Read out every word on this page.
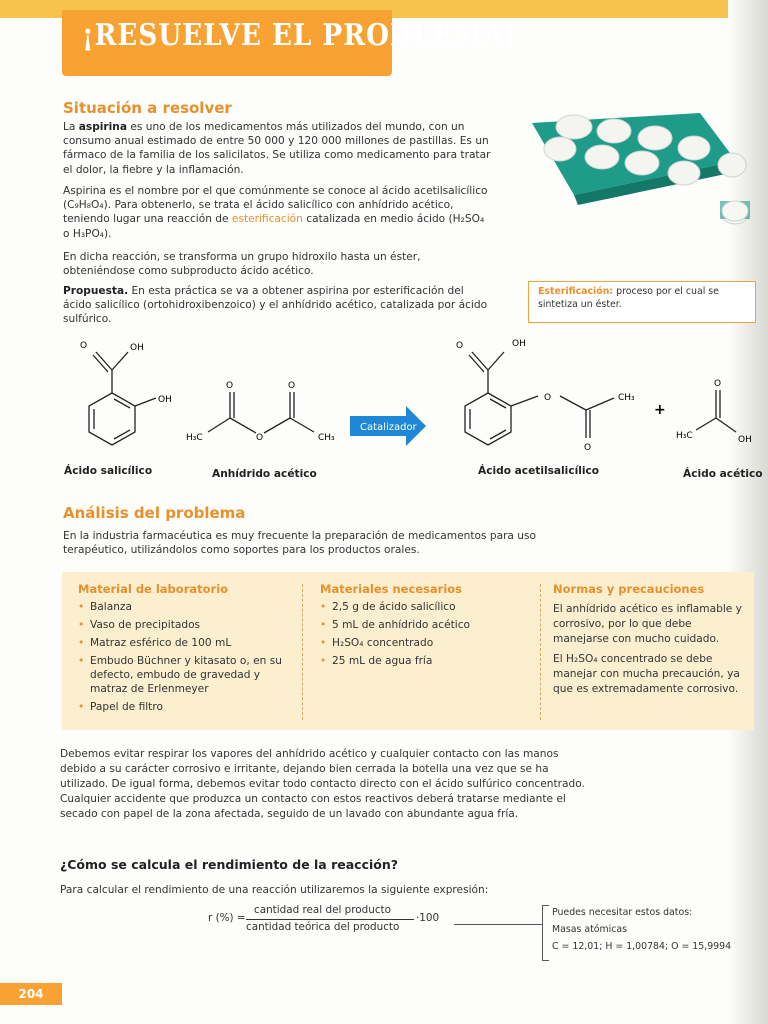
¡RESUELVE EL PROBLEMA!
Situación a resolver
La aspirina es uno de los medicamentos más utilizados del mundo, con un consumo anual estimado de entre 50 000 y 120 000 millones de pastillas. Es un fármaco de la familia de los salicilatos. Se utiliza como medicamento para tratar el dolor, la fiebre y la inflamación.
Aspirina es el nombre por el que comúnmente se conoce al ácido acetilsalicílico (C₉H₈O₄). Para obtenerlo, se trata el ácido salicílico con anhídrido acético, teniendo lugar una reacción de esterificación catalizada en medio ácido (H₂SO₄ o H₃PO₄).
En dicha reacción, se transforma un grupo hidroxilo hasta un éster, obteniéndose como subproducto ácido acético.
Propuesta. En esta práctica se va a obtener aspirina por esterificación del ácido salicílico (ortohidroxibenzoico) y el anhídrido acético, catalizada por ácido sulfúrico.
Esterificación: proceso por el cual se sintetiza un éster.
O	OH
OH
O	O
O
H₃C	CH₃
Catalizador
O	OH
O
O
CH₃
+
O
H₃C	OH
Ácido salicílico	Anhídrido acético	Ácido acetilsalicílico	Ácido acético
Análisis del problema
En la industria farmacéutica es muy frecuente la preparación de medicamentos para uso terapéutico, utilizándolos como soportes para los productos orales.
Material de laboratorio
• Balanza
• Vaso de precipitados
• Matraz esférico de 100 mL
• Embudo Büchner y kitasato o, en su defecto, embudo de gravedad y matraz de Erlenmeyer
• Papel de filtro
Materiales necesarios
• 2,5 g de ácido salicílico
• 5 mL de anhídrido acético
• H₂SO₄ concentrado
• 25 mL de agua fría
Normas y precauciones
El anhídrido acético es inflamable y corrosivo, por lo que debe manejarse con mucho cuidado.
El H₂SO₄ concentrado se debe manejar con mucha precaución, ya que es extremadamente corrosivo.
Debemos evitar respirar los vapores del anhídrido acético y cualquier contacto con las manos debido a su carácter corrosivo e irritante, dejando bien cerrada la botella una vez que se ha utilizado. De igual forma, debemos evitar todo contacto directo con el ácido sulfúrico concentrado. Cualquier accidente que produzca un contacto con estos reactivos deberá tratarse mediante el secado con papel de la zona afectada, seguido de un lavado con abundante agua fría.
¿Cómo se calcula el rendimiento de la reacción?
Para calcular el rendimiento de una reacción utilizaremos la siguiente expresión:
r (%) =
cantidad real del producto
cantidad teórica del producto
·100	Puedes necesitar estos datos:
Masas atómicas
C = 12,01; H = 1,00784; O = 15,9994
204
